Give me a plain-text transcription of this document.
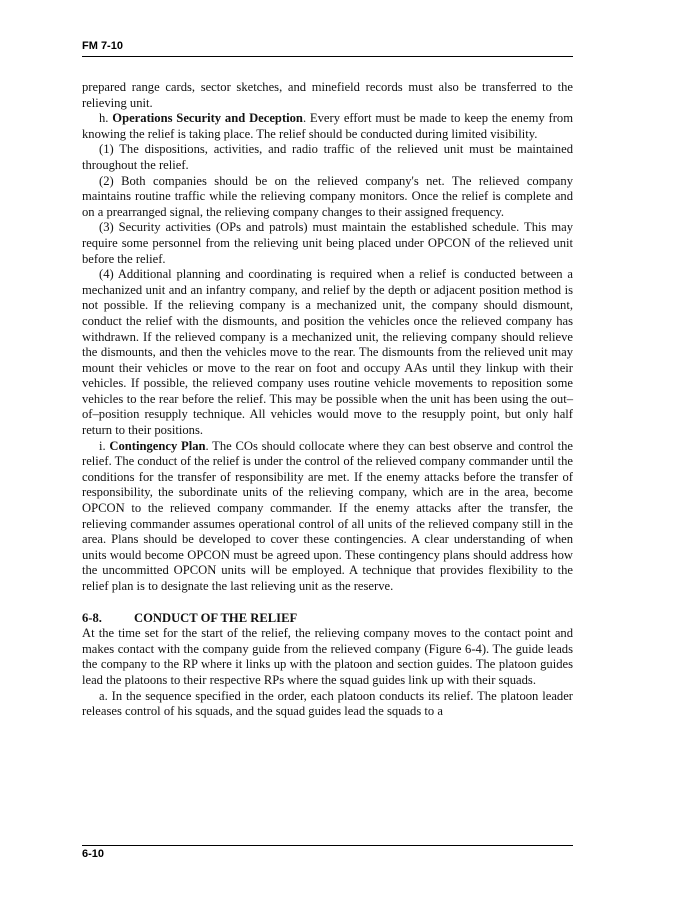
FM 7-10

prepared range cards, sector sketches, and minefield records must also be transferred to the relieving unit.

h. Operations Security and Deception. Every effort must be made to keep the enemy from knowing the relief is taking place. The relief should be conducted during limited visibility.

(1) The dispositions, activities, and radio traffic of the relieved unit must be maintained throughout the relief.

(2) Both companies should be on the relieved company's net. The relieved company maintains routine traffic while the relieving company monitors. Once the relief is complete and on a prearranged signal, the relieving company changes to their assigned frequency.

(3) Security activities (OPs and patrols) must maintain the established schedule. This may require some personnel from the relieving unit being placed under OPCON of the relieved unit before the relief.

(4) Additional planning and coordinating is required when a relief is conducted between a mechanized unit and an infantry company, and relief by the depth or adjacent position method is not possible. If the relieving company is a mechanized unit, the company should dismount, conduct the relief with the dismounts, and position the vehicles once the relieved company has withdrawn. If the relieved company is a mechanized unit, the relieving company should relieve the dismounts, and then the vehicles move to the rear. The dismounts from the relieved unit may mount their vehicles or move to the rear on foot and occupy AAs until they linkup with their vehicles. If possible, the relieved company uses routine vehicle movements to reposition some vehicles to the rear before the relief. This may be possible when the unit has been using the out–of–position resupply technique. All vehicles would move to the resupply point, but only half return to their positions.

i. Contingency Plan. The COs should collocate where they can best observe and control the relief. The conduct of the relief is under the control of the relieved company commander until the conditions for the transfer of responsibility are met. If the enemy attacks before the transfer of responsibility, the subordinate units of the relieving company, which are in the area, become OPCON to the relieved company commander. If the enemy attacks after the transfer, the relieving commander assumes operational control of all units of the relieved company still in the area. Plans should be developed to cover these contingencies. A clear understanding of when units would become OPCON must be agreed upon. These contingency plans should address how the uncommitted OPCON units will be employed. A technique that provides flexibility to the relief plan is to designate the last relieving unit as the reserve.

6-8.	CONDUCT OF THE RELIEF

At the time set for the start of the relief, the relieving company moves to the contact point and makes contact with the company guide from the relieved company (Figure 6-4). The guide leads the company to the RP where it links up with the platoon and section guides. The platoon guides lead the platoons to their respective RPs where the squad guides link up with their squads.

a. In the sequence specified in the order, each platoon conducts its relief. The platoon leader releases control of his squads, and the squad guides lead the squads to a

6-10
